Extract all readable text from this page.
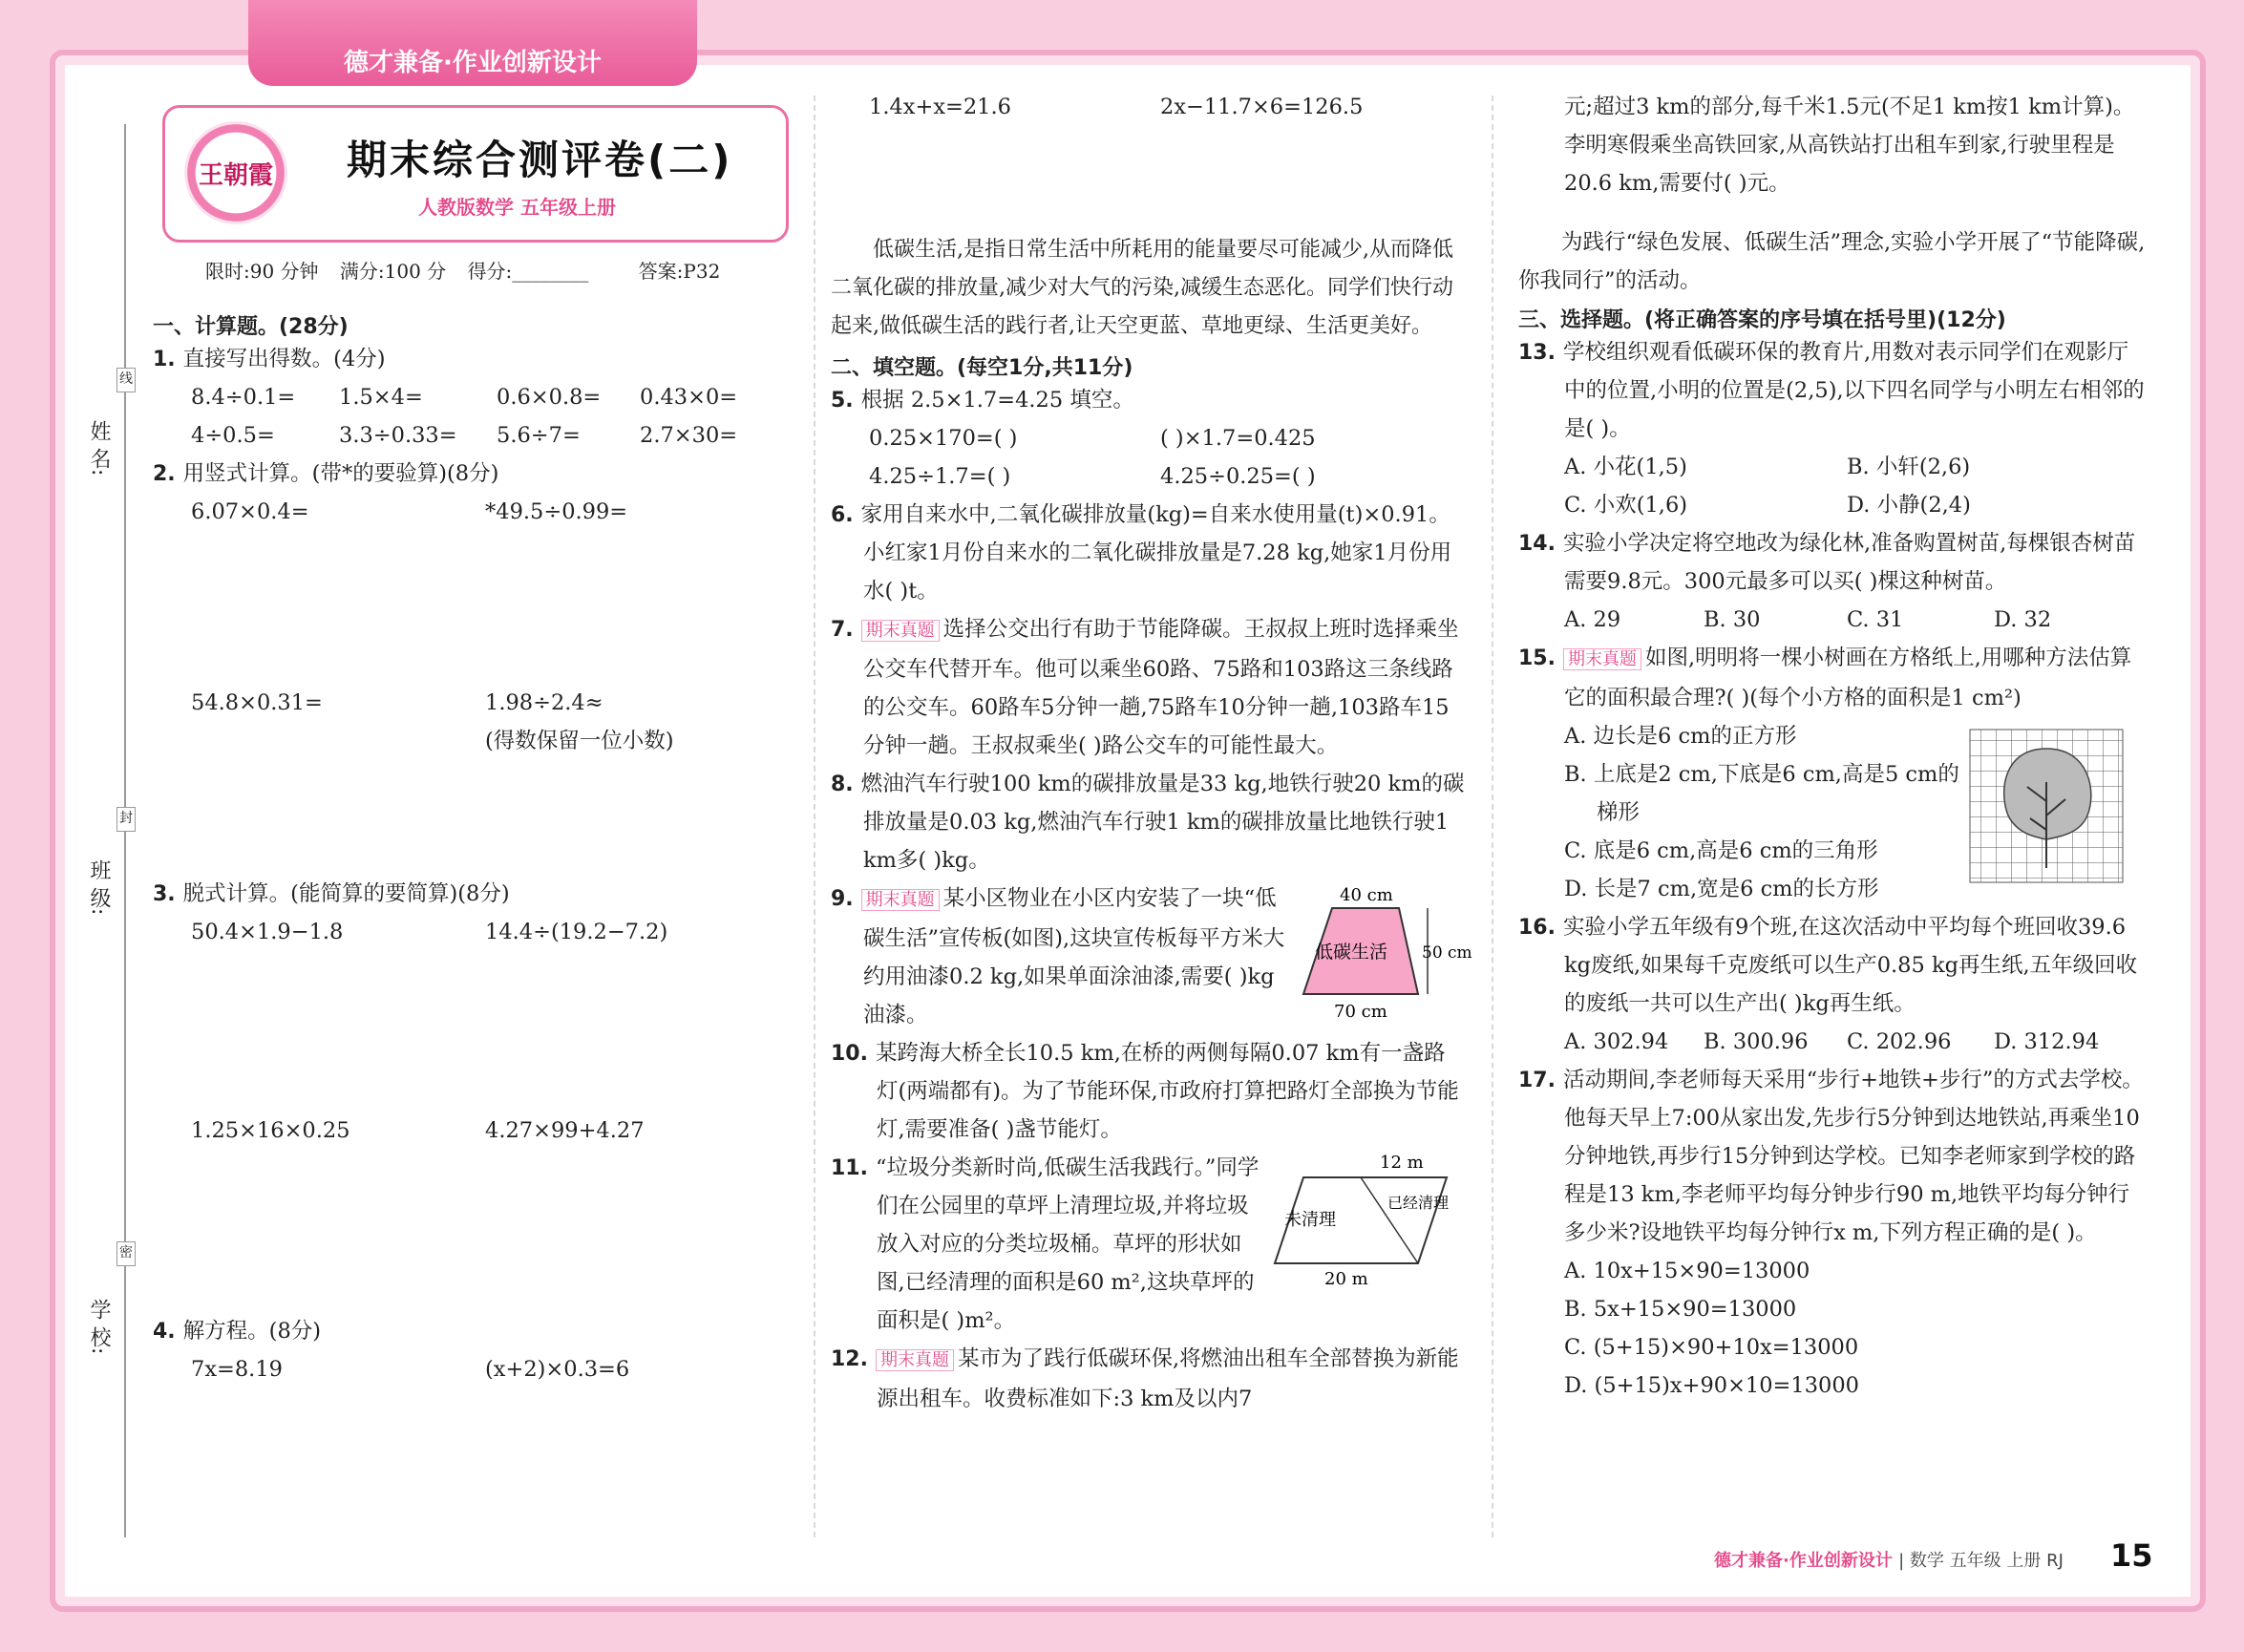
德才兼备·作业创新设计
姓 名:
班 级:
学 校:
线
封
密
王朝霞 期末综合测评卷(二)
人教版数学 五年级上册
限时:90 分钟 满分:100 分 得分:________	答案:P32

一、计算题。(28分)

1. 直接写出得数。(4分)

8.4÷0.1=	1.5×4=	0.6×0.8=	0.43×0=
4÷0.5=	3.3÷0.33=	5.6÷7=	2.7×30=

2. 用竖式计算。(带*的要验算)(8分)

6.07×0.4=	*49.5÷0.99=
54.8×0.31=	1.98÷2.4≈
(得数保留一位小数)

3. 脱式计算。(能简算的要简算)(8分)

50.4×1.9−1.8	14.4÷(19.2−7.2)
1.25×16×0.25	4.27×99+4.27

4. 解方程。(8分)

7x=8.19	(x+2)×0.3=6
1.4x+x=21.6	2x−11.7×6=126.5

低碳生活,是指日常生活中所耗用的能量要尽可能减少,从而降低二氧化碳的排放量,减少对大气的污染,减缓生态恶化。同学们快行动起来,做低碳生活的践行者,让天空更蓝、草地更绿、生活更美好。

二、填空题。(每空1分,共11分)

5. 根据 2.5×1.7=4.25 填空。

0.25×170=( )	( )×1.7=0.425
4.25÷1.7=( )	4.25÷0.25=( )

6. 家用自来水中,二氧化碳排放量(kg)=自来水使用量(t)×0.91。小红家1月份自来水的二氧化碳排放量是7.28 kg,她家1月份用水( )t。

7. 期末真题 选择公交出行有助于节能降碳。王叔叔上班时选择乘坐公交车代替开车。他可以乘坐60路、75路和103路这三条线路的公交车。60路车5分钟一趟,75路车10分钟一趟,103路车15分钟一趟。王叔叔乘坐( )路公交车的可能性最大。

8. 燃油汽车行驶100 km的碳排放量是33 kg,地铁行驶20 km的碳排放量是0.03 kg,燃油汽车行驶1 km的碳排放量比地铁行驶1 km多( )kg。

9. 期末真题 某小区物业在小区内安装了一块“低碳生活”宣传板(如图),这块宣传板每平方米大约用油漆0.2 kg,如果单面涂油漆,需要( )kg油漆。

40 cm
低碳生活 50 cm
70 cm

10. 某跨海大桥全长10.5 km,在桥的两侧每隔0.07 km有一盏路灯(两端都有)。为了节能环保,市政府打算把路灯全部换为节能灯,需要准备( )盏节能灯。

11. “垃圾分类新时尚,低碳生活我践行。”同学们在公园里的草坪上清理垃圾,并将垃圾放入对应的分类垃圾桶。草坪的形状如图,已经清理的面积是60 m²,这块草坪的面积是( )m²。

12 m
未清理
已经清理
20 m

12. 期末真题 某市为了践行低碳环保,将燃油出租车全部替换为新能源出租车。收费标准如下:3 km及以内7

元;超过3 km的部分,每千米1.5元(不足1 km按1 km计算)。李明寒假乘坐高铁回家,从高铁站打出租车到家,行驶里程是20.6 km,需要付( )元。

为践行“绿色发展、低碳生活”理念,实验小学开展了“节能降碳,你我同行”的活动。

三、选择题。(将正确答案的序号填在括号里)(12分)

13. 学校组织观看低碳环保的教育片,用数对表示同学们在观影厅中的位置,小明的位置是(2,5),以下四名同学与小明左右相邻的是( )。

A. 小花(1,5)	B. 小轩(2,6)
C. 小欢(1,6)	D. 小静(2,4)

14. 实验小学决定将空地改为绿化林,准备购置树苗,每棵银杏树苗需要9.8元。300元最多可以买( )棵这种树苗。

A. 29	B. 30	C. 31	D. 32

15. 期末真题 如图,明明将一棵小树画在方格纸上,用哪种方法估算它的面积最合理?( )(每个小方格的面积是1 cm²)

A. 边长是6 cm的正方形
B. 上底是2 cm,下底是6 cm,高是5 cm的梯形
C. 底是6 cm,高是6 cm的三角形
D. 长是7 cm,宽是6 cm的长方形

16. 实验小学五年级有9个班,在这次活动中平均每个班回收39.6 kg废纸,如果每千克废纸可以生产0.85 kg再生纸,五年级回收的废纸一共可以生产出( )kg再生纸。

A. 302.94	B. 300.96	C. 202.96	D. 312.94

17. 活动期间,李老师每天采用“步行+地铁+步行”的方式去学校。他每天早上7:00从家出发,先步行5分钟到达地铁站,再乘坐10分钟地铁,再步行15分钟到达学校。已知李老师家到学校的路程是13 km,李老师平均每分钟步行90 m,地铁平均每分钟行多少米?设地铁平均每分钟行x m,下列方程正确的是( )。

A. 10x+15×90=13000
B. 5x+15×90=13000
C. (5+15)×90+10x=13000
D. (5+15)x+90×10=13000
德才兼备·作业创新设计 | 数学 五年级 上册 RJ 15
